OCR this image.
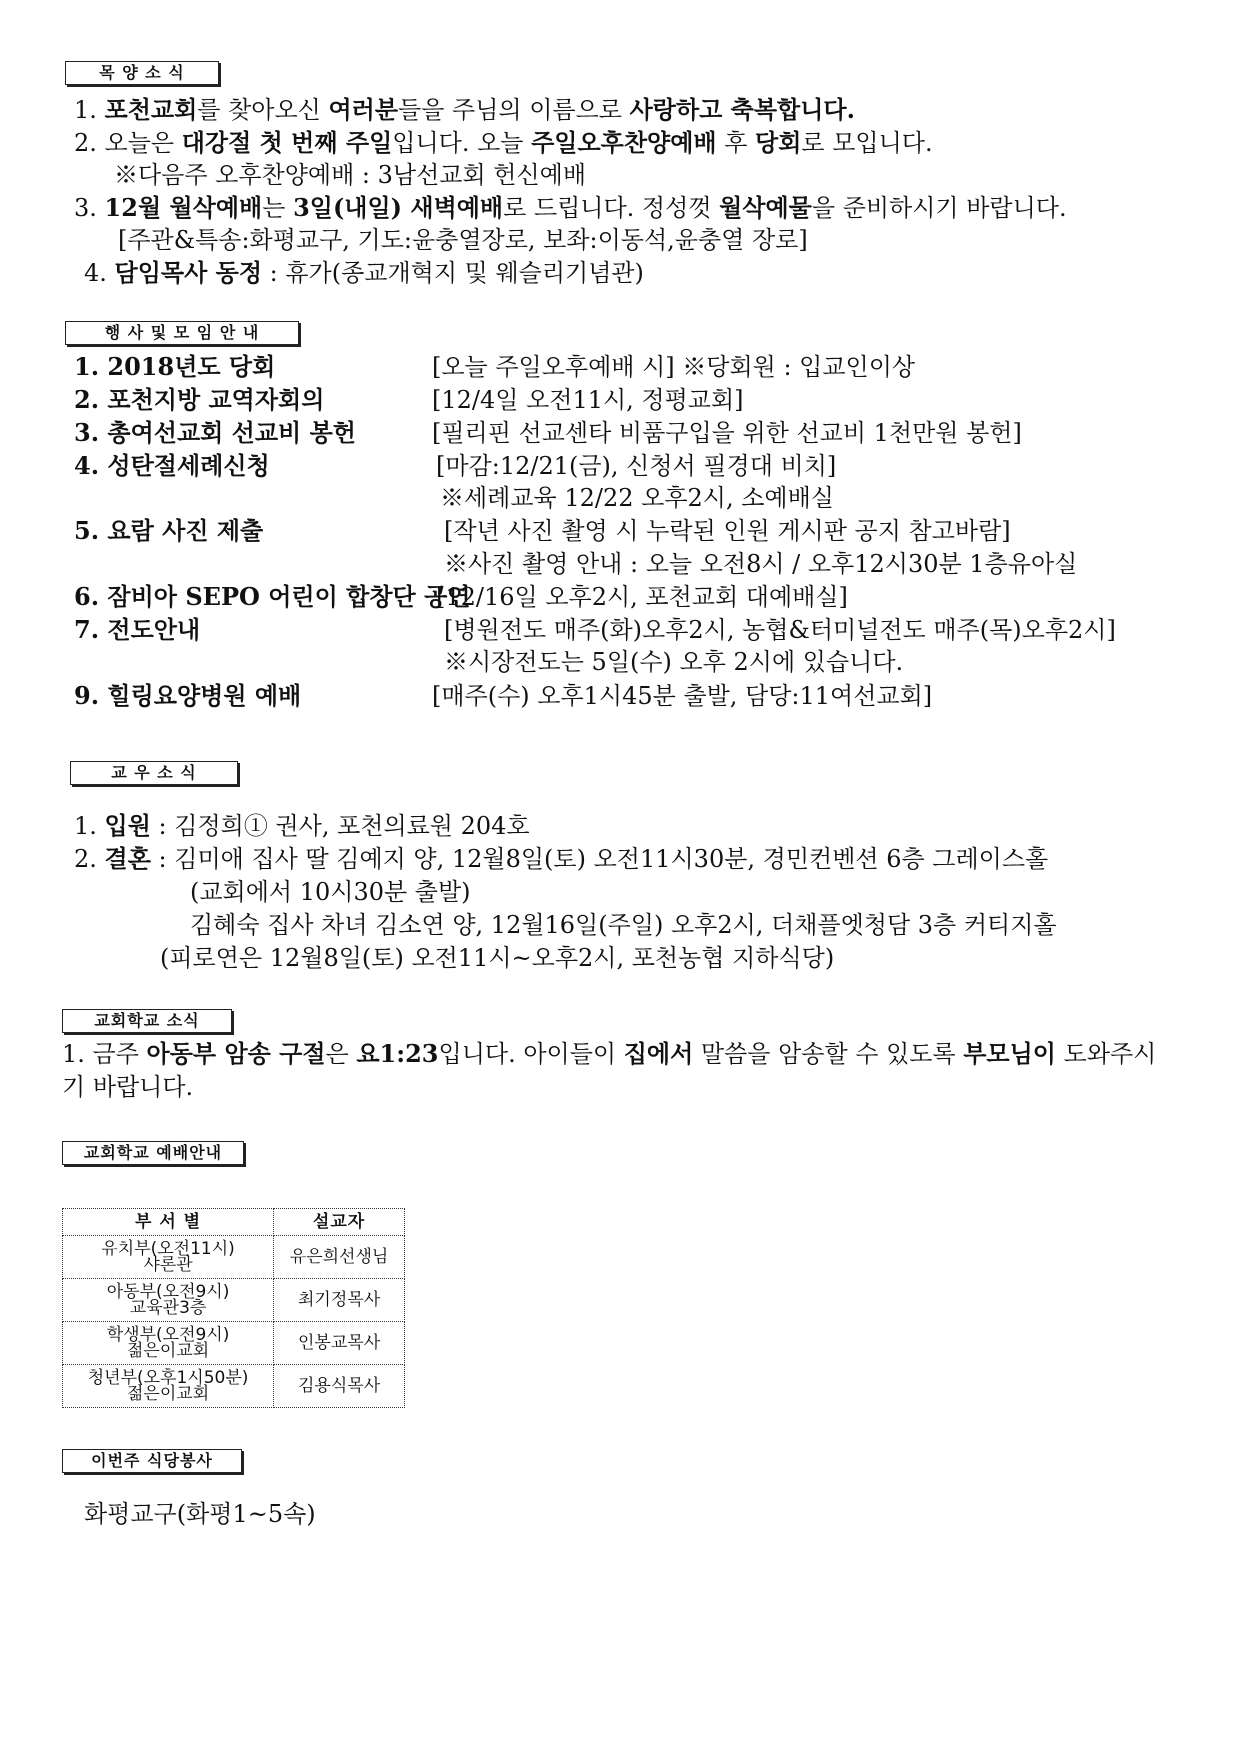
목 양 소 식
1. 포천교회를 찾아오신 여러분들을 주님의 이름으로 사랑하고 축복합니다.
2. 오늘은 대강절 첫 번째 주일입니다. 오늘 주일오후찬양예배 후 당회로 모입니다.
※다음주 오후찬양예배 : 3남선교회 헌신예배
3. 12월 월삭예배는 3일(내일) 새벽예배로 드립니다. 정성껏 월삭예물을 준비하시기 바랍니다.
[주관&특송:화평교구, 기도:윤충열장로, 보좌:이동석,윤충열 장로]
4. 담임목사 동정 : 휴가(종교개혁지 및 웨슬리기념관)
행 사 및 모 임 안 내
1. 2018년도 당회	[오늘 주일오후예배 시] ※당회원 : 입교인이상
2. 포천지방 교역자회의	[12/4일 오전11시, 정평교회]
3. 총여선교회 선교비 봉헌	[필리핀 선교센타 비품구입을 위한 선교비 1천만원 봉헌]
4. 성탄절세례신청	[마감:12/21(금), 신청서 필경대 비치]
※세례교육 12/22 오후2시, 소예배실
5. 요람 사진 제출	[작년 사진 촬영 시 누락된 인원 게시판 공지 참고바람]
※사진 촬영 안내 : 오늘 오전8시 / 오후12시30분 1층유아실
6. 잠비아 SEPO 어린이 합창단 공연
[12/16일 오후2시, 포천교회 대예배실]
7. 전도안내	[병원전도 매주(화)오후2시, 농협&터미널전도 매주(목)오후2시]
※시장전도는 5일(수) 오후 2시에 있습니다.
9. 힐링요양병원 예배	[매주(수) 오후1시45분 출발, 담당:11여선교회]
교 우 소 식
1. 입원 : 김정희① 권사, 포천의료원 204호
2. 결혼 : 김미애 집사 딸 김예지 양, 12월8일(토) 오전11시30분, 경민컨벤션 6층 그레이스홀
(교회에서 10시30분 출발)
김혜숙 집사 차녀 김소연 양, 12월16일(주일) 오후2시, 더채플엣청담 3층 커티지홀
(피로연은 12월8일(토) 오전11시~오후2시, 포천농협 지하식당)
교회학교 소식
1. 금주 아동부 암송 구절은 요1:23입니다. 아이들이 집에서 말씀을 암송할 수 있도록 부모님이 도와주시
기 바랍니다.
교회학교 예배안내
부 서 별	설교자

유치부(오전11시)
샤론관	유은희선생님

아동부(오전9시)
교육관3층	최기정목사

학생부(오전9시)
젊은이교회	인봉교목사

청년부(오후1시50분)
젊은이교회	김용식목사
이번주 식당봉사
화평교구(화평1~5속)
